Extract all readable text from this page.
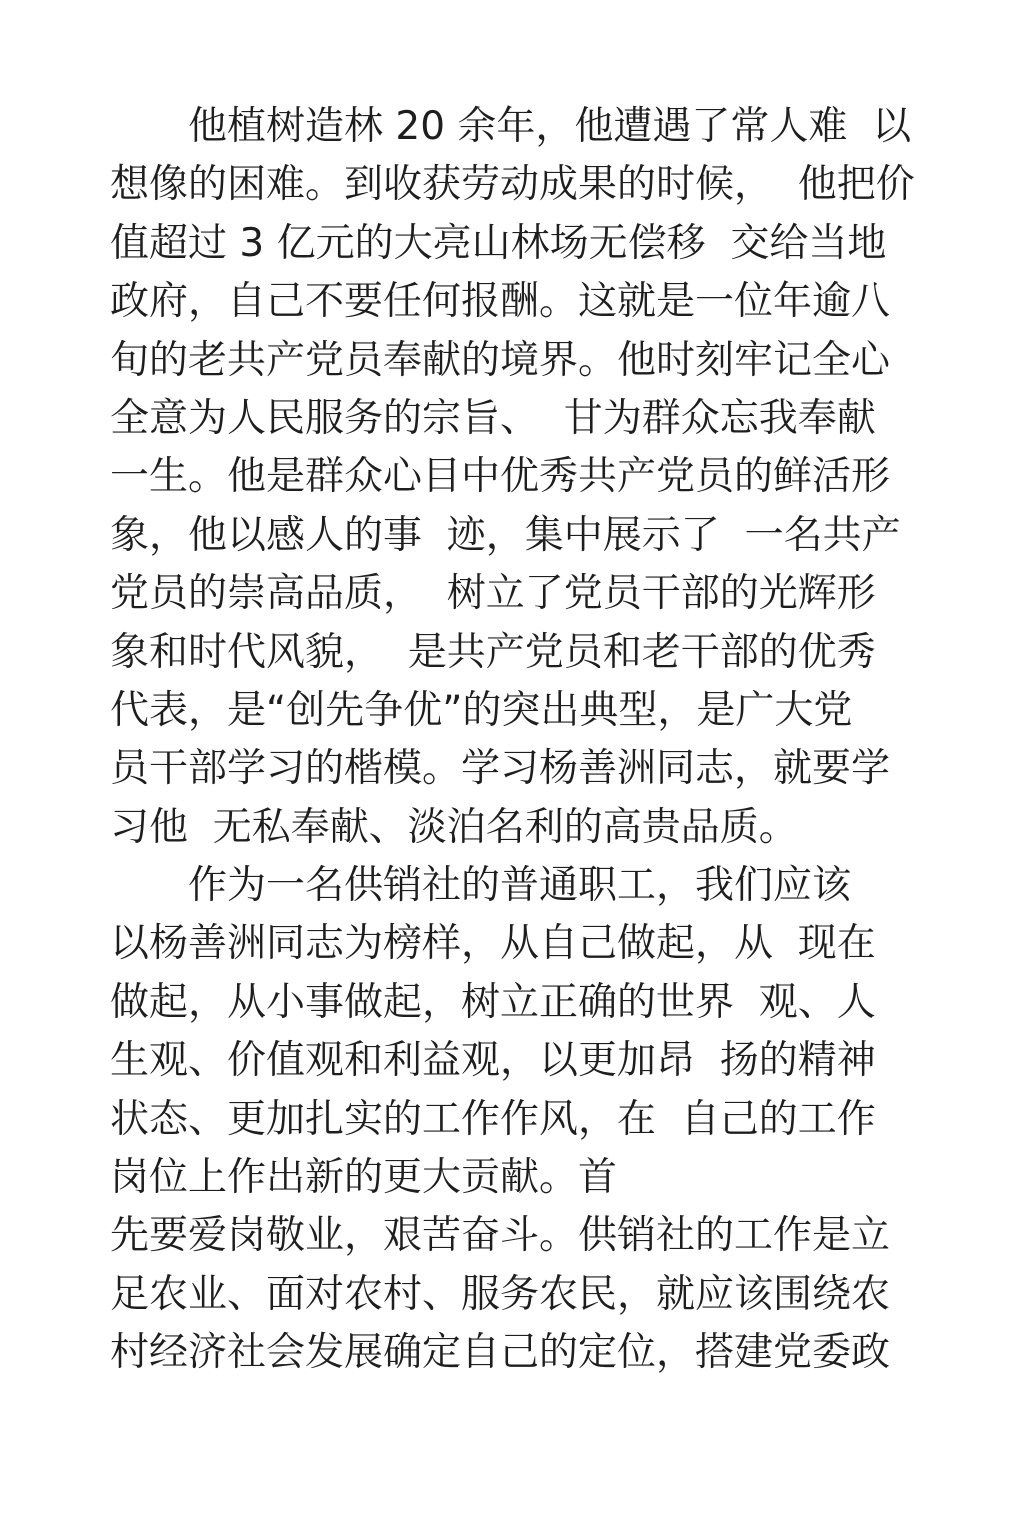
　　他植树造林 20 余年，他遭遇了常人难  以
想像的困难。到收获劳动成果的时候，  他把价
值超过 3 亿元的大亮山林场无偿移  交给当地
政府，自己不要任何报酬。这就是一位年逾八
旬的老共产党员奉献的境界。他时刻牢记全心
全意为人民服务的宗旨、  甘为群众忘我奉献
一生。他是群众心目中优秀共产党员的鲜活形
象，他以感人的事  迹，集中展示了  一名共产
党员的崇高品质，  树立了党员干部的光辉形
象和时代风貌，  是共产党员和老干部的优秀
代表，是“创先争优”的突出典型，是广大党
员干部学习的楷模。学习杨善洲同志，就要学
习他  无私奉献、淡泊名利的高贵品质。
　　作为一名供销社的普通职工，我们应该
以杨善洲同志为榜样，从自己做起，从  现在
做起，从小事做起，树立正确的世界  观、人
生观、价值观和利益观，以更加昂  扬的精神
状态、更加扎实的工作作风，在  自己的工作
岗位上作出新的更大贡献。首
先要爱岗敬业，艰苦奋斗。供销社的工作是立
足农业、面对农村、服务农民，就应该围绕农
村经济社会发展确定自己的定位，搭建党委政
